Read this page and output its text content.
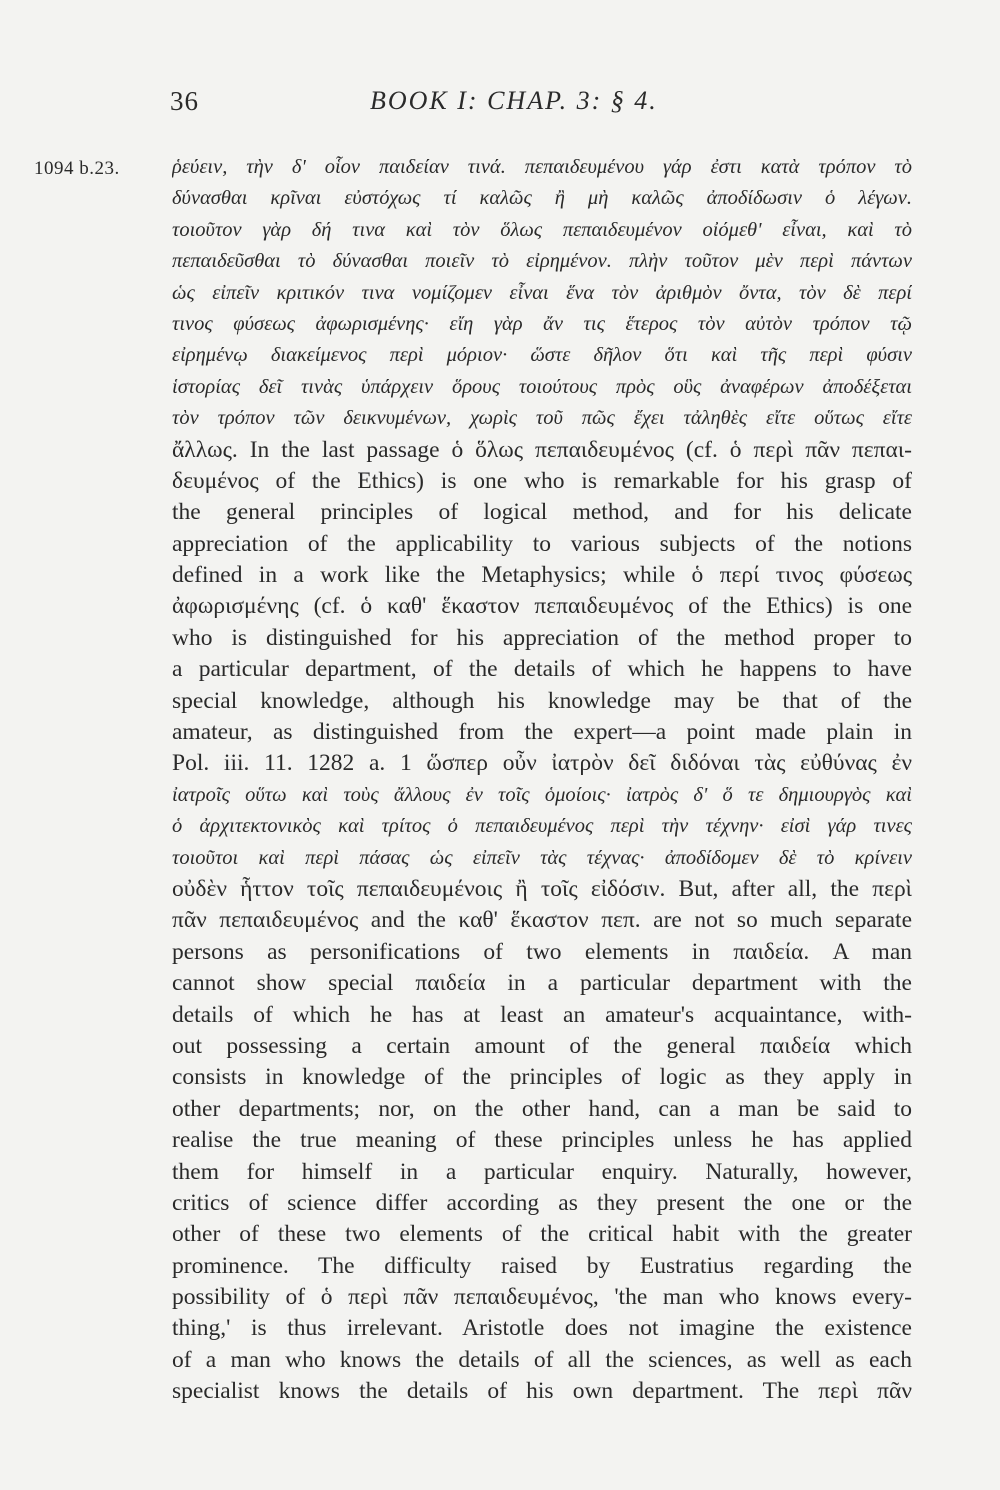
36	BOOK I: CHAP. 3: § 4.
1094 b.23.	ῥεύειν, τὴν δ' οἷον παιδείαν τινά. πεπαιδευμένου γάρ ἐστι κατὰ τρόπον τὸ
δύνασθαι κρῖναι εὐστόχως τί καλῶς ἢ μὴ καλῶς ἀποδίδωσιν ὁ λέγων.
τοιοῦτον γὰρ δή τινα καὶ τὸν ὅλως πεπαιδευμένον οἰόμεθ' εἶναι, καὶ τὸ
πεπαιδεῦσθαι τὸ δύνασθαι ποιεῖν τὸ εἰρημένον. πλὴν τοῦτον μὲν περὶ πάντων
ὡς εἰπεῖν κριτικόν τινα νομίζομεν εἶναι ἕνα τὸν ἀριθμὸν ὄντα, τὸν δὲ περί
τινος φύσεως ἀφωρισμένης· εἴη γὰρ ἄν τις ἕτερος τὸν αὐτὸν τρόπον τῷ
εἰρημένῳ διακείμενος περὶ μόριον· ὥστε δῆλον ὅτι καὶ τῆς περὶ φύσιν
ἱστορίας δεῖ τινὰς ὑπάρχειν ὅρους τοιούτους πρὸς οὓς ἀναφέρων ἀποδέξεται
τὸν τρόπον τῶν δεικνυμένων, χωρὶς τοῦ πῶς ἔχει τἀληθὲς εἴτε οὕτως εἴτε
ἄλλως. In the last passage ὁ ὅλως πεπαιδευμένος (cf. ὁ περὶ πᾶν πεπαι-
δευμένος of the Ethics) is one who is remarkable for his grasp of
the general principles of logical method, and for his delicate
appreciation of the applicability to various subjects of the notions
defined in a work like the Metaphysics; while ὁ περί τινος φύσεως
ἀφωρισμένης (cf. ὁ καθ' ἕκαστον πεπαιδευμένος of the Ethics) is one
who is distinguished for his appreciation of the method proper to
a particular department, of the details of which he happens to have
special knowledge, although his knowledge may be that of the
amateur, as distinguished from the expert—a point made plain in
Pol. iii. 11. 1282 a. 1 ὥσπερ οὖν ἰατρὸν δεῖ διδόναι τὰς εὐθύνας ἐν
ἰατροῖς οὕτω καὶ τοὺς ἄλλους ἐν τοῖς ὁμοίοις· ἰατρὸς δ' ὅ τε δημιουργὸς καὶ
ὁ ἀρχιτεκτονικὸς καὶ τρίτος ὁ πεπαιδευμένος περὶ τὴν τέχνην· εἰσὶ γάρ τινες
τοιοῦτοι καὶ περὶ πάσας ὡς εἰπεῖν τὰς τέχνας· ἀποδίδομεν δὲ τὸ κρίνειν
οὐδὲν ἧττον τοῖς πεπαιδευμένοις ἢ τοῖς εἰδόσιν. But, after all, the περὶ
πᾶν πεπαιδευμένος and the καθ' ἕκαστον πεπ. are not so much separate
persons as personifications of two elements in παιδεία. A man
cannot show special παιδεία in a particular department with the
details of which he has at least an amateur's acquaintance, with-
out possessing a certain amount of the general παιδεία which
consists in knowledge of the principles of logic as they apply in
other departments; nor, on the other hand, can a man be said to
realise the true meaning of these principles unless he has applied
them for himself in a particular enquiry. Naturally, however,
critics of science differ according as they present the one or the
other of these two elements of the critical habit with the greater
prominence. The difficulty raised by Eustratius regarding the
possibility of ὁ περὶ πᾶν πεπαιδευμένος, 'the man who knows every-
thing,' is thus irrelevant. Aristotle does not imagine the existence
of a man who knows the details of all the sciences, as well as each
specialist knows the details of his own department. The περὶ πᾶν
